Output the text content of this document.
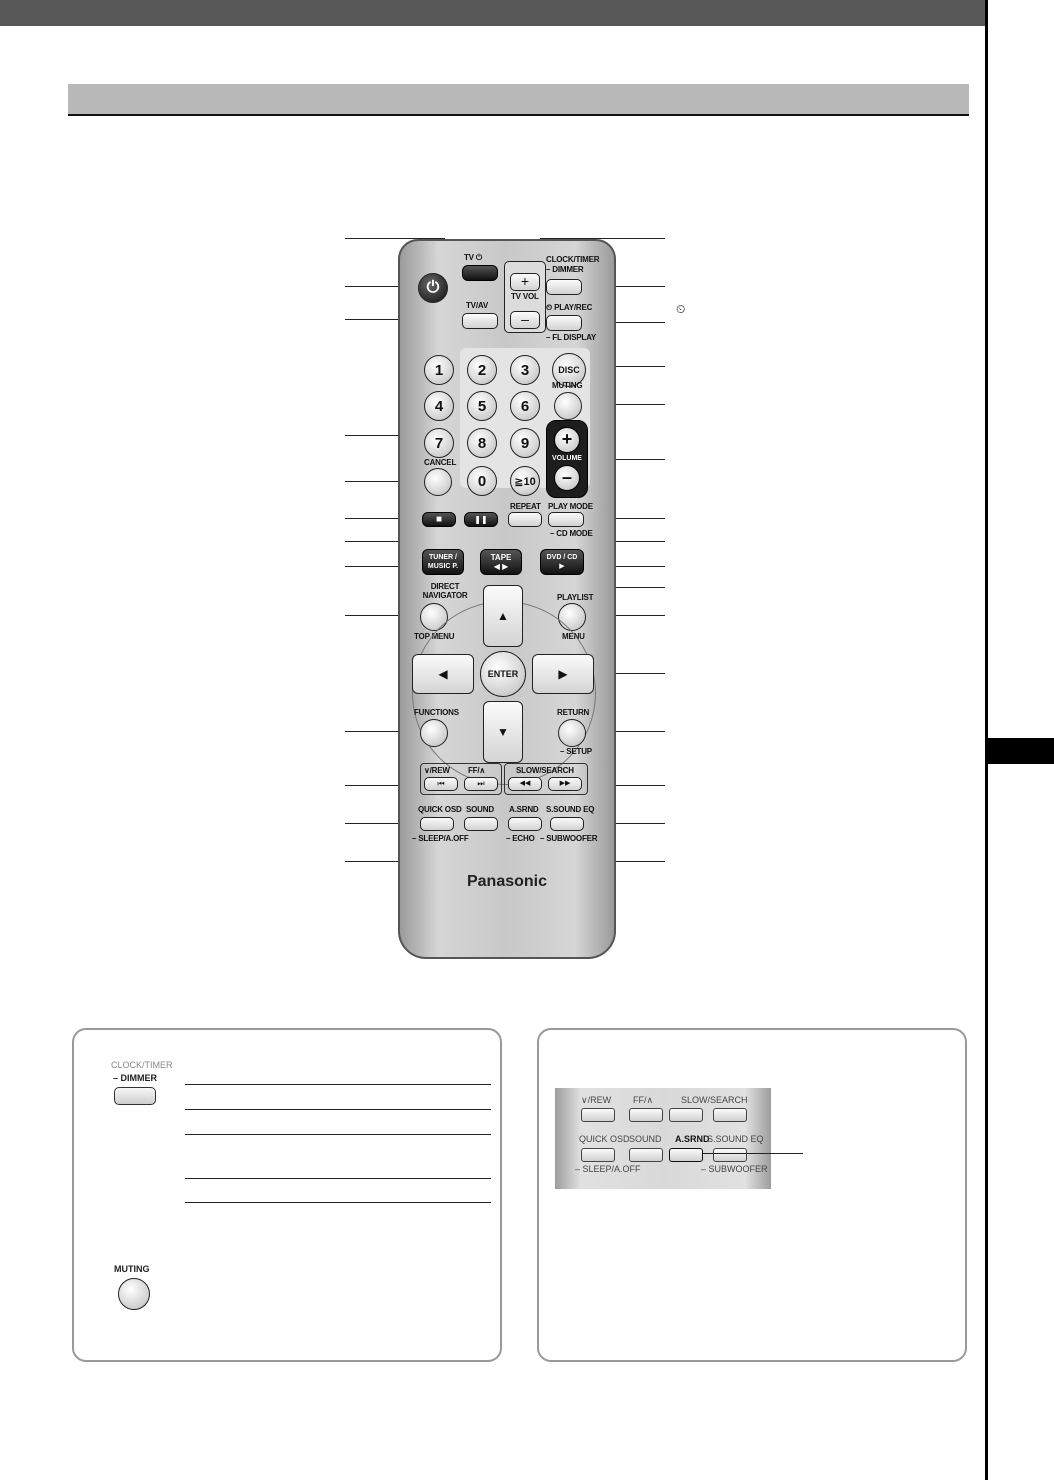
⏲
⏻
TV ⏻
TV/AV
+
TV VOL
–
CLOCK/TIMER
– DIMMER
⏲ PLAY/REC
– FL DISPLAY
1	2	3	DISC
4	5	6
MUTING
7	8	9
CANCEL
0	≧10
+
VOLUME
–
■	❚❚
REPEAT PLAY MODE
– CD MODE
TUNER / MUSIC P.
TAPE
◀ ▶
DVD / CD
▶
DIRECT NAVIGATOR
TOP MENU
PLAYLIST
MENU
▲
▼
◀	▶
ENTER
FUNCTIONS	RETURN
– SETUP
∨/REW FF/∧
⏮	⏭
SLOW/SEARCH
◀◀	▶▶
QUICK OSD
– SLEEP/A.OFF
SOUND A.SRND
– ECHO
S.SOUND EQ
– SUBWOOFER
Panasonic
CLOCK/TIMER
– DIMMER
MUTING
∨/REW FF/∧	SLOW/SEARCH
QUICK OSD SOUND A.SRND
S.SOUND EQ
– SLEEP/A.OFF	– SUBWOOFER
